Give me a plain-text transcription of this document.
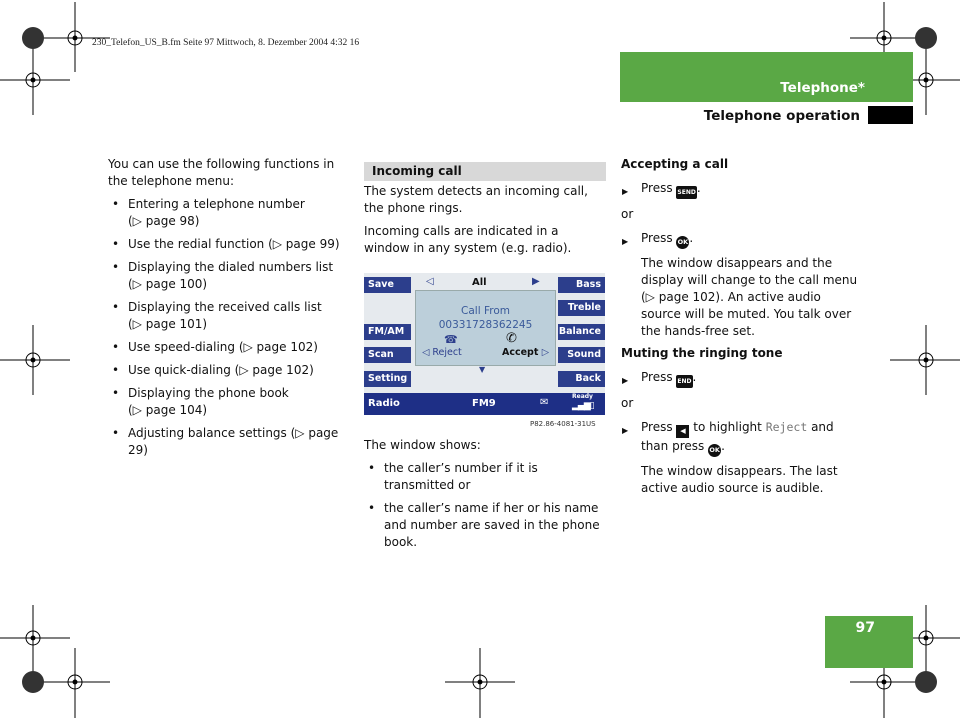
230_Telefon_US_B.fm Seite 97 Mittwoch, 8. Dezember 2004 4:32 16
Telephone*
Telephone operation

You can use the following functions in the telephone menu:

• Entering a telephone number
(▷ page 98)
• Use the redial function (▷ page 99)
• Displaying the dialed numbers list
(▷ page 100)
• Displaying the received calls list
(▷ page 101)
• Use speed-dialing (▷ page 102)
• Use quick-dialing (▷ page 102)
• Displaying the phone book
(▷ page 104)
• Adjusting balance settings (▷ page 29)
Incoming call

The system detects an incoming call, the phone rings.

Incoming calls are indicated in a window in any system (e.g. radio).

Save
FM/AM
Scan
Setting
Bass
Treble
Balance
Sound
Back
◁	All	▶
Call From
00331728362245
☎	✆
◁ Reject	Accept ▷
▼
Radio	FM9	✉
Ready
▂▄▆▯
P82.86-4081-31US

The window shows:

• the caller’s number if it is transmitted or
• the caller’s name if her or his name and number are saved in the phone book.

Accepting a call

▶ Press SEND.

or

▶ Press OK.

The window disappears and the display will change to the call menu (▷ page 102). An active audio source will be muted. You talk over the hands-free set.

Muting the ringing tone

▶ Press END.

or

▶ Press ◀ to highlight Reject and
than press OK.

The window disappears. The last active audio source is audible.

97
